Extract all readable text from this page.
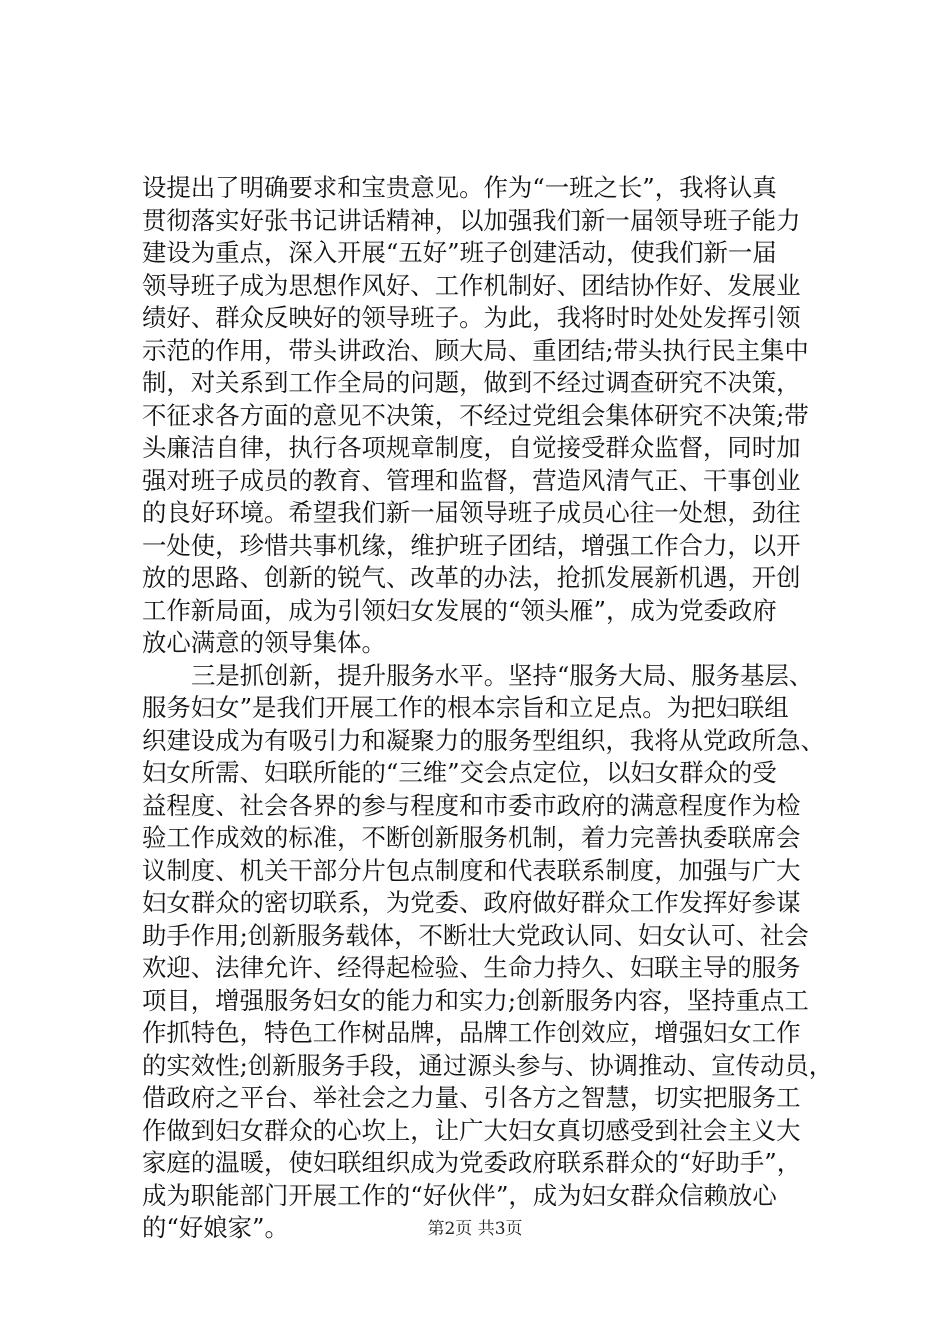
设提出了明确要求和宝贵意见。作为“一班之长”，我将认真
贯彻落实好张书记讲话精神，以加强我们新一届领导班子能力
建设为重点，深入开展“五好”班子创建活动，使我们新一届
领导班子成为思想作风好、工作机制好、团结协作好、发展业
绩好、群众反映好的领导班子。为此，我将时时处处发挥引领
示范的作用，带头讲政治、顾大局、重团结;带头执行民主集中
制，对关系到工作全局的问题，做到不经过调查研究不决策，
不征求各方面的意见不决策，不经过党组会集体研究不决策;带
头廉洁自律，执行各项规章制度，自觉接受群众监督，同时加
强对班子成员的教育、管理和监督，营造风清气正、干事创业
的良好环境。希望我们新一届领导班子成员心往一处想，劲往
一处使，珍惜共事机缘，维护班子团结，增强工作合力，以开
放的思路、创新的锐气、改革的办法，抢抓发展新机遇，开创
工作新局面，成为引领妇女发展的“领头雁”，成为党委政府
放心满意的领导集体。
三是抓创新，提升服务水平。坚持“服务大局、服务基层、
服务妇女”是我们开展工作的根本宗旨和立足点。为把妇联组
织建设成为有吸引力和凝聚力的服务型组织，我将从党政所急、
妇女所需、妇联所能的“三维”交会点定位，以妇女群众的受
益程度、社会各界的参与程度和市委市政府的满意程度作为检
验工作成效的标准，不断创新服务机制，着力完善执委联席会
议制度、机关干部分片包点制度和代表联系制度，加强与广大
妇女群众的密切联系，为党委、政府做好群众工作发挥好参谋
助手作用;创新服务载体，不断壮大党政认同、妇女认可、社会
欢迎、法律允许、经得起检验、生命力持久、妇联主导的服务
项目，增强服务妇女的能力和实力;创新服务内容，坚持重点工
作抓特色，特色工作树品牌，品牌工作创效应，增强妇女工作
的实效性;创新服务手段，通过源头参与、协调推动、宣传动员，
借政府之平台、举社会之力量、引各方之智慧，切实把服务工
作做到妇女群众的心坎上，让广大妇女真切感受到社会主义大
家庭的温暖，使妇联组织成为党委政府联系群众的“好助手”，
成为职能部门开展工作的“好伙伴”，成为妇女群众信赖放心
的“好娘家”。	第2页 共3页
